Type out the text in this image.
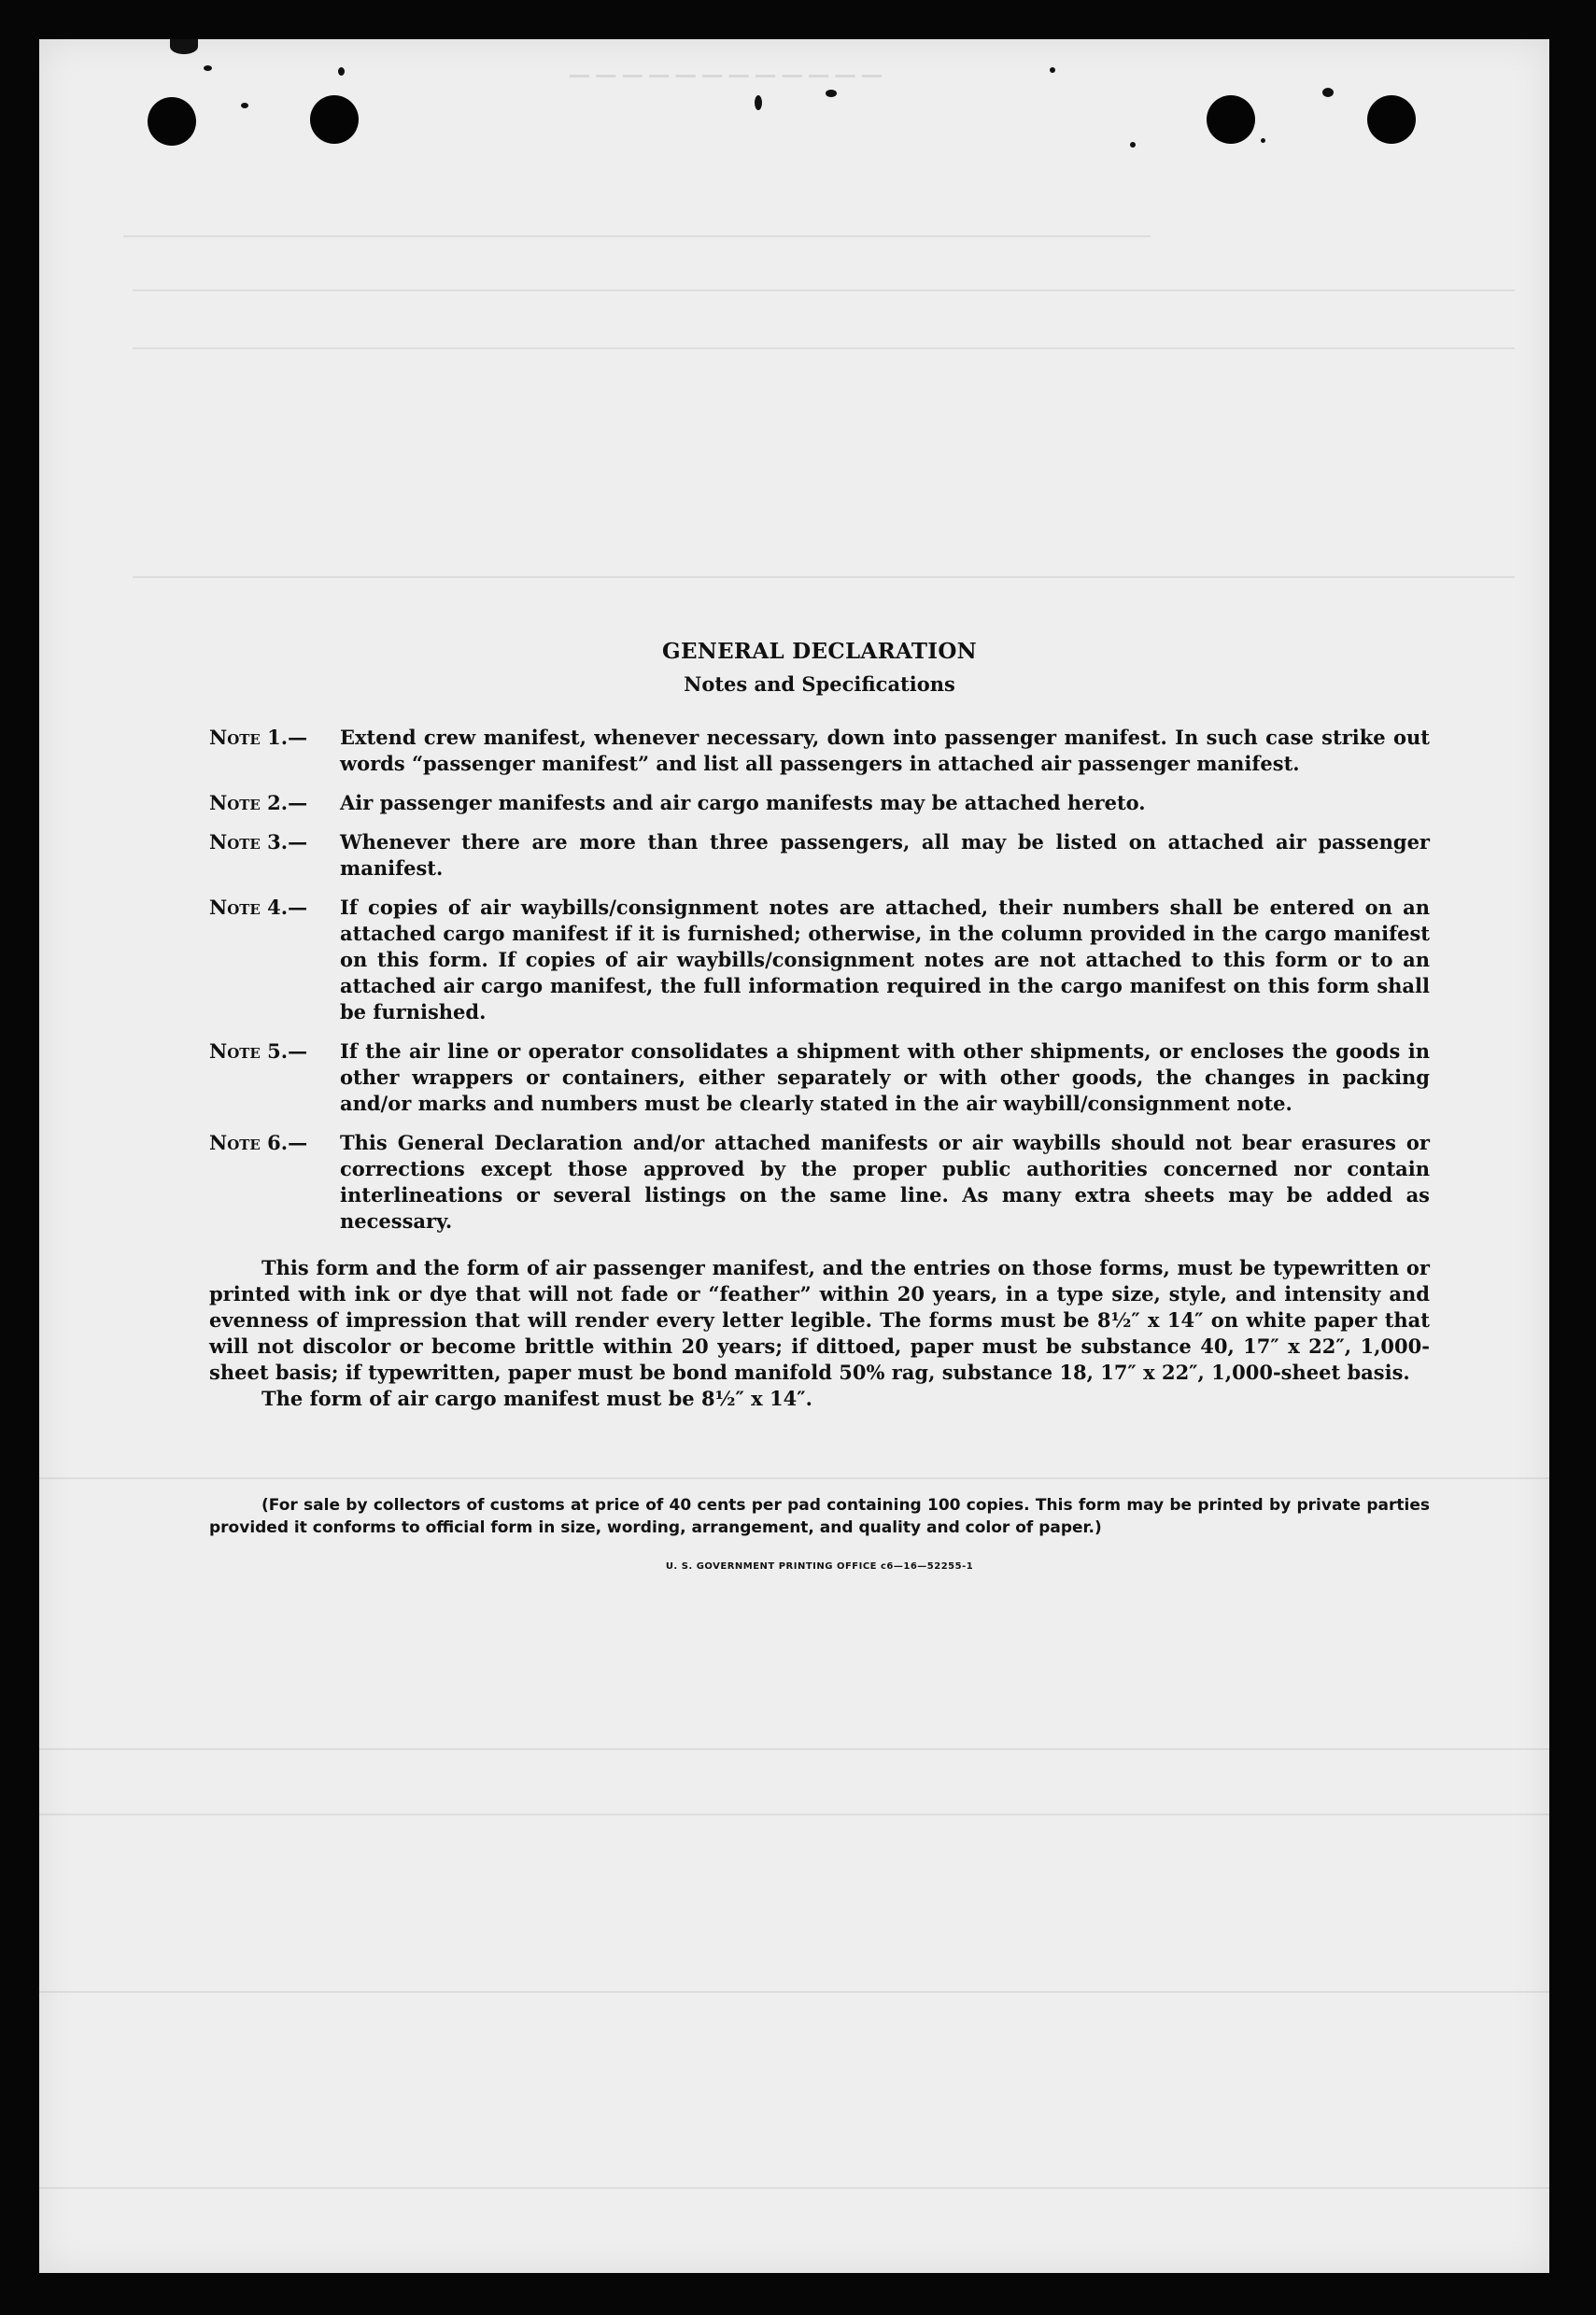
────────────
GENERAL DECLARATION
Notes and Specifications
Note 1.—	Extend crew manifest, whenever necessary, down into passenger manifest. In such case strike out words “passenger manifest” and list all passengers in attached air passenger manifest.
Note 2.—	Air passenger manifests and air cargo manifests may be attached hereto.
Note 3.—	Whenever there are more than three passengers, all may be listed on attached air passenger manifest.
Note 4.—	If copies of air waybills/consignment notes are attached, their numbers shall be entered on an attached cargo manifest if it is furnished; otherwise, in the column provided in the cargo manifest on this form. If copies of air waybills/consignment notes are not attached to this form or to an attached air cargo manifest, the full information required in the cargo manifest on this form shall be furnished.
Note 5.—	If the air line or operator consolidates a shipment with other shipments, or encloses the goods in other wrappers or containers, either separately or with other goods, the changes in packing and/or marks and numbers must be clearly stated in the air waybill/consignment note.
Note 6.—	This General Declaration and/or attached manifests or air waybills should not bear erasures or corrections except those approved by the proper public authorities concerned nor contain interlineations or several listings on the same line. As many extra sheets may be added as necessary.

This form and the form of air passenger manifest, and the entries on those forms, must be typewritten or printed with ink or dye that will not fade or “feather” within 20 years, in a type size, style, and intensity and evenness of impression that will render every letter legible. The forms must be 8½″ x 14″ on white paper that will not discolor or become brittle within 20 years; if dittoed, paper must be substance 40, 17″ x 22″, 1,000-sheet basis; if typewritten, paper must be bond manifold 50% rag, substance 18, 17″ x 22″, 1,000-sheet basis.

The form of air cargo manifest must be 8½″ x 14″.

(For sale by collectors of customs at price of 40 cents per pad containing 100 copies. This form may be printed by private parties provided it conforms to official form in size, wording, arrangement, and quality and color of paper.)

U. S. GOVERNMENT PRINTING OFFICE c6—16—52255-1
